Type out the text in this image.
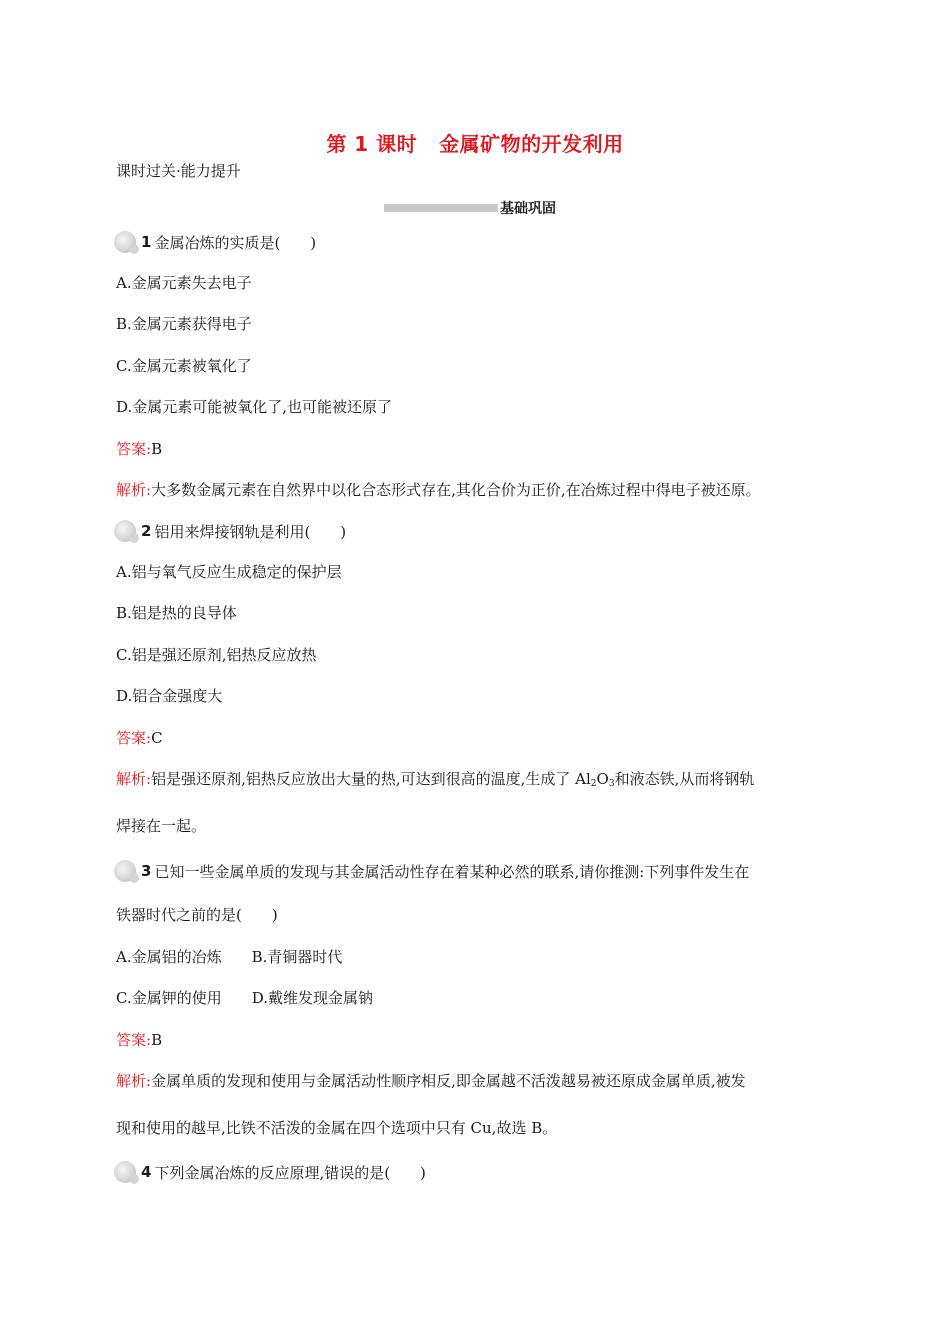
第 1 课时 金属矿物的开发利用
课时过关·能力提升
基础巩固
1 金属冶炼的实质是(　　)
A.金属元素失去电子
B.金属元素获得电子
C.金属元素被氧化了
D.金属元素可能被氧化了,也可能被还原了
答案:B
解析:大多数金属元素在自然界中以化合态形式存在,其化合价为正价,在冶炼过程中得电子被还原。
2 铝用来焊接钢轨是利用(　　)
A.铝与氧气反应生成稳定的保护层
B.铝是热的良导体
C.铝是强还原剂,铝热反应放热
D.铝合金强度大
答案:C
解析:铝是强还原剂,铝热反应放出大量的热,可达到很高的温度,生成了 $Al_2O_3$和液态铁,从而将钢轨
焊接在一起。
3 已知一些金属单质的发现与其金属活动性存在着某种必然的联系,请你推测:下列事件发生在
铁器时代之前的是(　　)
A.金属铝的冶炼 B.青铜器时代
C.金属钾的使用 D.戴维发现金属钠
答案:B
解析:金属单质的发现和使用与金属活动性顺序相反,即金属越不活泼越易被还原成金属单质,被发
现和使用的越早,比铁不活泼的金属在四个选项中只有 Cu,故选 B。
4 下列金属冶炼的反应原理,错误的是(　　)
